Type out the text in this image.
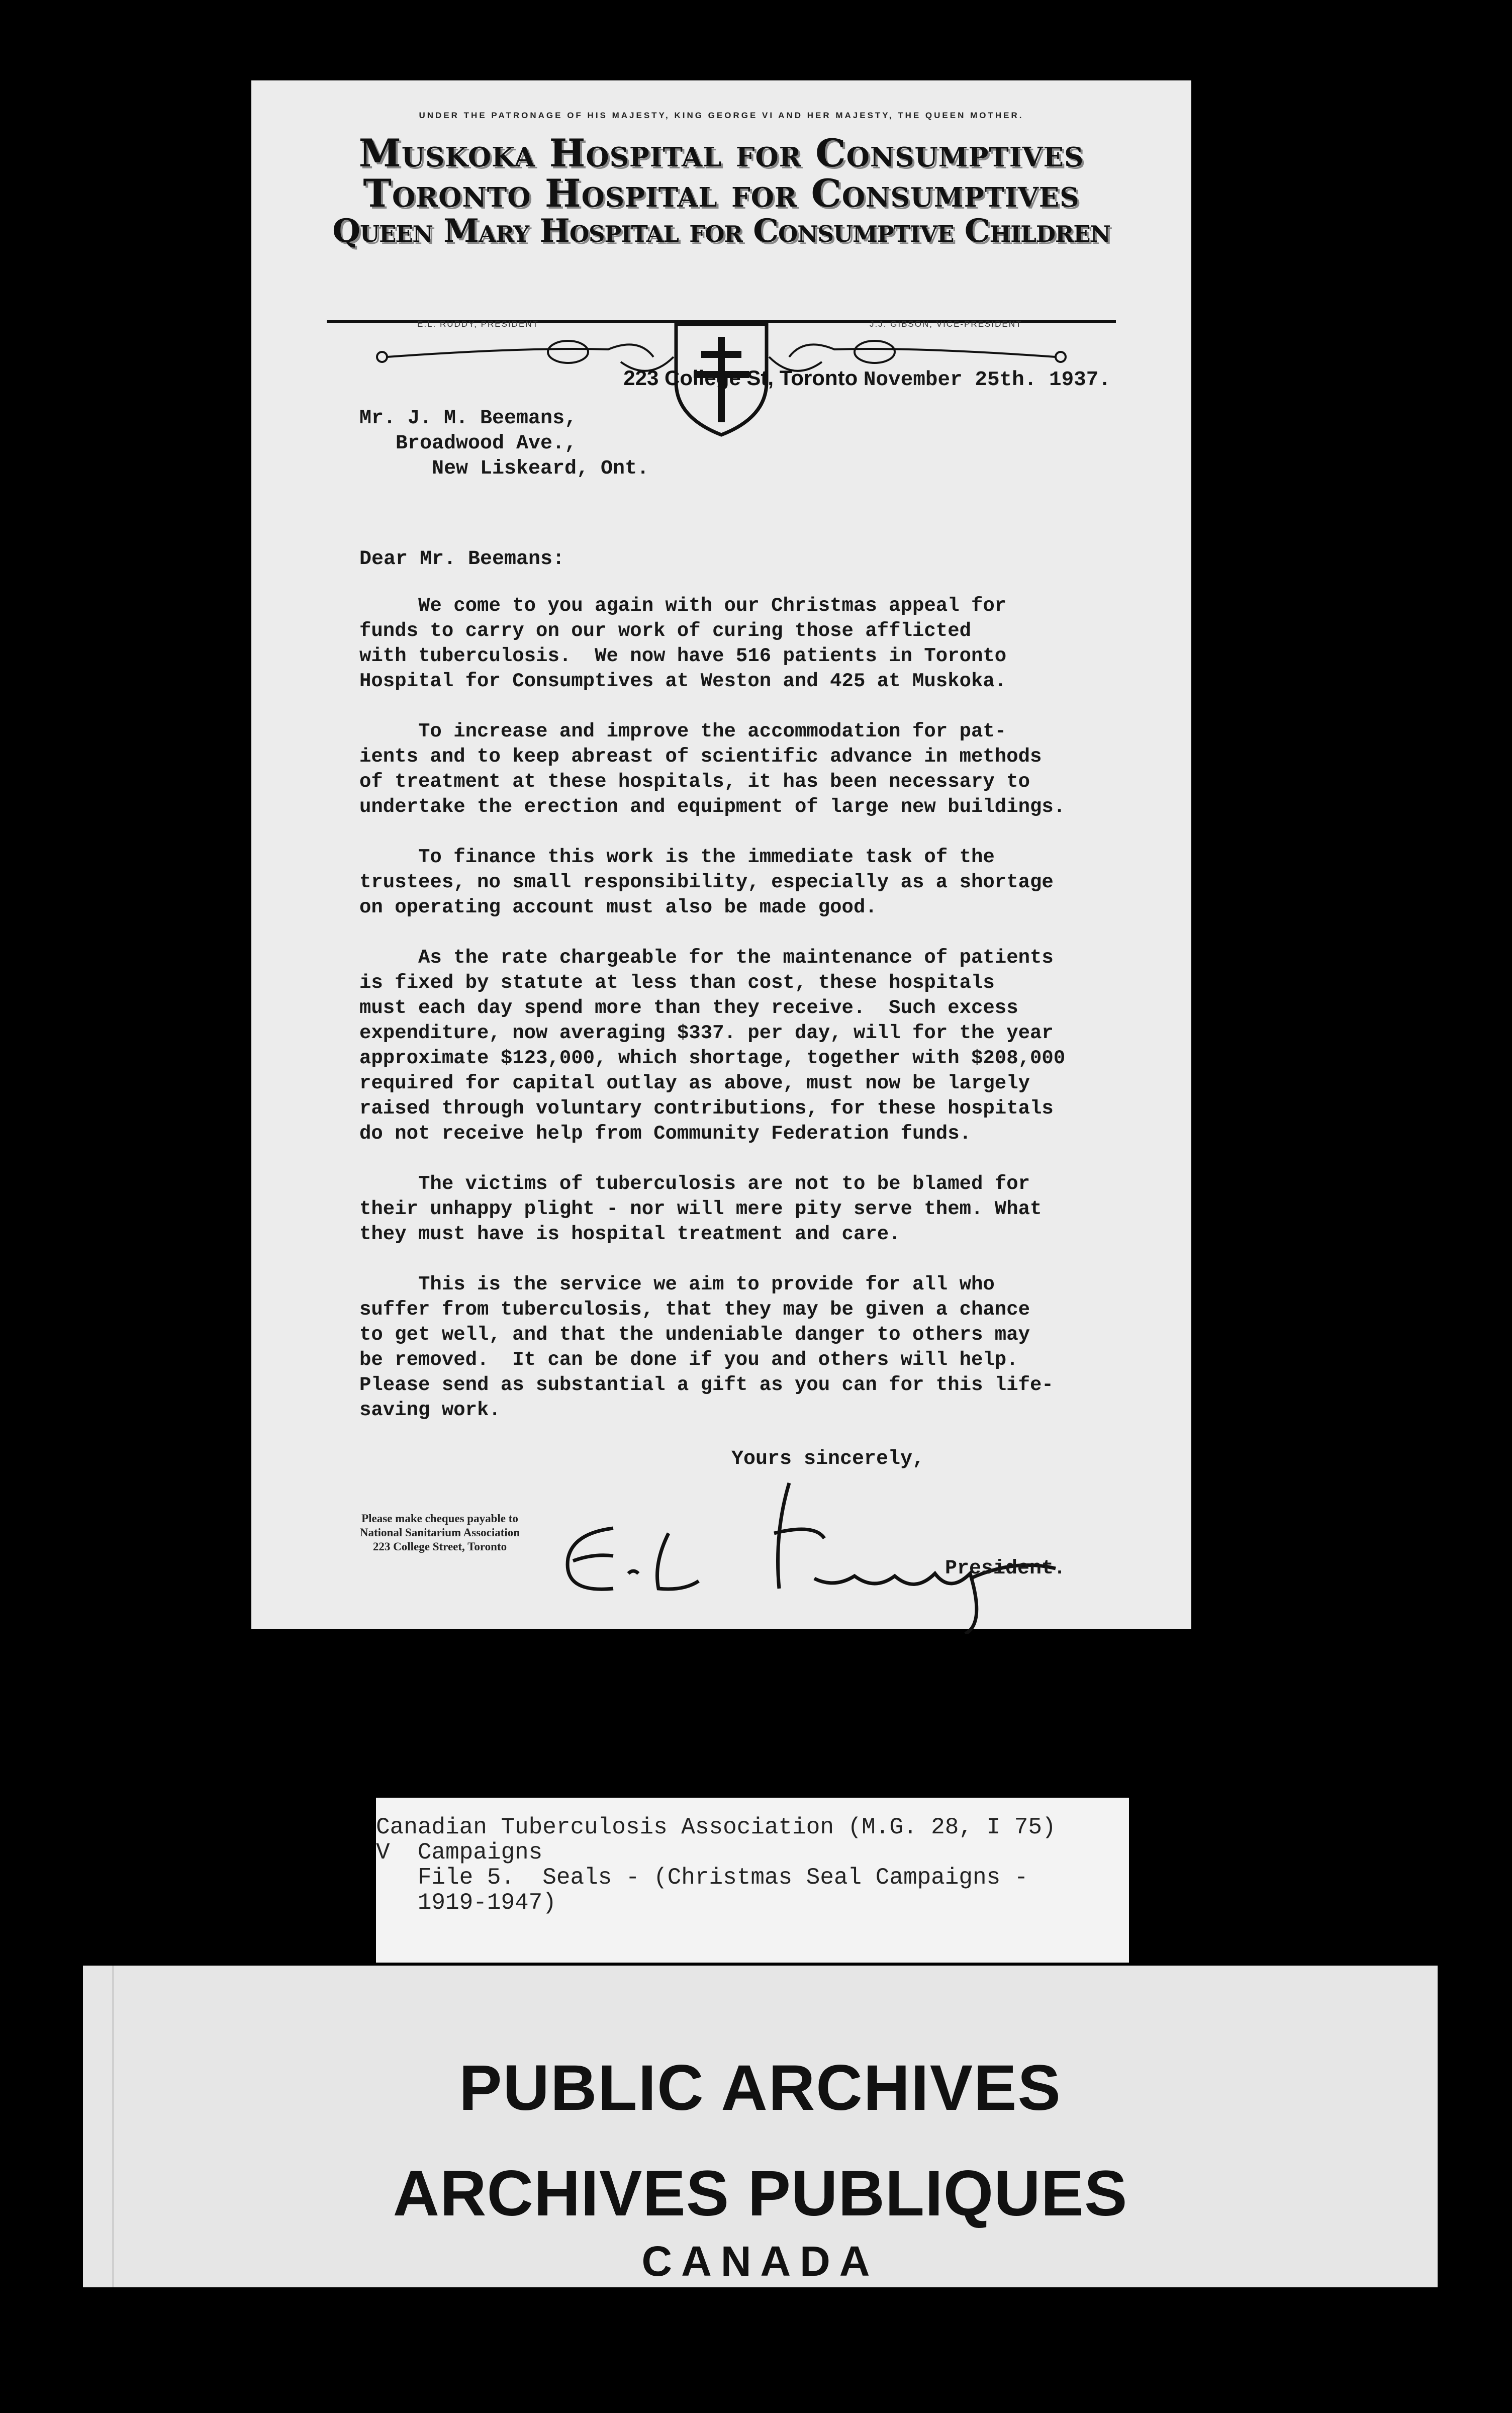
UNDER THE PATRONAGE OF HIS MAJESTY, KING GEORGE VI AND HER MAJESTY, THE QUEEN MOTHER.
Muskoka Hospital for Consumptives
Toronto Hospital for Consumptives
Queen Mary Hospital for Consumptive Children
E.L. RUDDY, PRESIDENT	J.J. GIBSON, VICE-PRESIDENT
223 College St, Toronto November 25th. 1937.
Mr. J. M. Beemans,
Broadwood Ave.,
New Liskeard, Ont.
Dear Mr. Beemans:

We come to you again with our Christmas appeal for
funds to carry on our work of curing those afflicted
with tuberculosis.  We now have 516 patients in Toronto
Hospital for Consumptives at Weston and 425 at Muskoka.

To increase and improve the accommodation for pat-
ients and to keep abreast of scientific advance in methods
of treatment at these hospitals, it has been necessary to
undertake the erection and equipment of large new buildings.

To finance this work is the immediate task of the
trustees, no small responsibility, especially as a shortage
on operating account must also be made good.

As the rate chargeable for the maintenance of patients
is fixed by statute at less than cost, these hospitals
must each day spend more than they receive.  Such excess
expenditure, now averaging $337. per day, will for the year
approximate $123,000, which shortage, together with $208,000
required for capital outlay as above, must now be largely
raised through voluntary contributions, for these hospitals
do not receive help from Community Federation funds.

The victims of tuberculosis are not to be blamed for
their unhappy plight - nor will mere pity serve them. What
they must have is hospital treatment and care.

This is the service we aim to provide for all who
suffer from tuberculosis, that they may be given a chance
to get well, and that the undeniable danger to others may
be removed.  It can be done if you and others will help.
Please send as substantial a gift as you can for this life-
saving work.

Yours sincerely,
Please make cheques payable to
National Sanitarium Association
223 College Street, Toronto
President.
Canadian Tuberculosis Association (M.G. 28, I 75)
V  Campaigns
File 5.  Seals - (Christmas Seal Campaigns -
1919-1947)
PUBLIC ARCHIVES
ARCHIVES PUBLIQUES
CANADA
